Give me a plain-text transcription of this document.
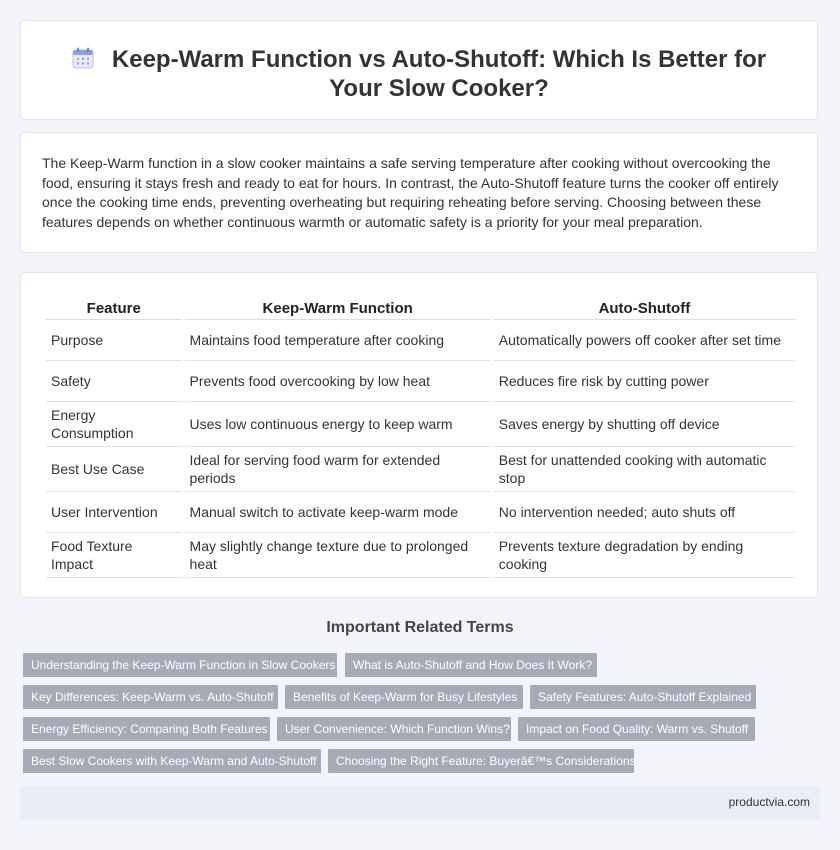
Keep-Warm Function vs Auto-Shutoff: Which Is Better for Your Slow Cooker?

The Keep-Warm function in a slow cooker maintains a safe serving temperature after cooking without overcooking the food, ensuring it stays fresh and ready to eat for hours. In contrast, the Auto-Shutoff feature turns the cooker off entirely once the cooking time ends, preventing overheating but requiring reheating before serving. Choosing between these features depends on whether continuous warmth or automatic safety is a priority for your meal preparation.

Feature	Keep-Warm Function	Auto-Shutoff
Purpose	Maintains food temperature after cooking	Automatically powers off cooker after set time
Safety	Prevents food overcooking by low heat	Reduces fire risk by cutting power
Energy Consumption	Uses low continuous energy to keep warm	Saves energy by shutting off device
Best Use Case	Ideal for serving food warm for extended periods	Best for unattended cooking with automatic stop
User Intervention	Manual switch to activate keep-warm mode	No intervention needed; auto shuts off
Food Texture Impact	May slightly change texture due to prolonged heat	Prevents texture degradation by ending cooking
Important Related Terms
Understanding the Keep-Warm Function in Slow Cookers	What is Auto-Shutoff and How Does It Work?
Key Differences: Keep-Warm vs. Auto-Shutoff	Benefits of Keep-Warm for Busy Lifestyles	Safety Features: Auto-Shutoff Explained
Energy Efficiency: Comparing Both Features	User Convenience: Which Function Wins?	Impact on Food Quality: Warm vs. Shutoff
Best Slow Cookers with Keep-Warm and Auto-Shutoff	Choosing the Right Feature: Buyerâ€™s Considerations
productvia.com
